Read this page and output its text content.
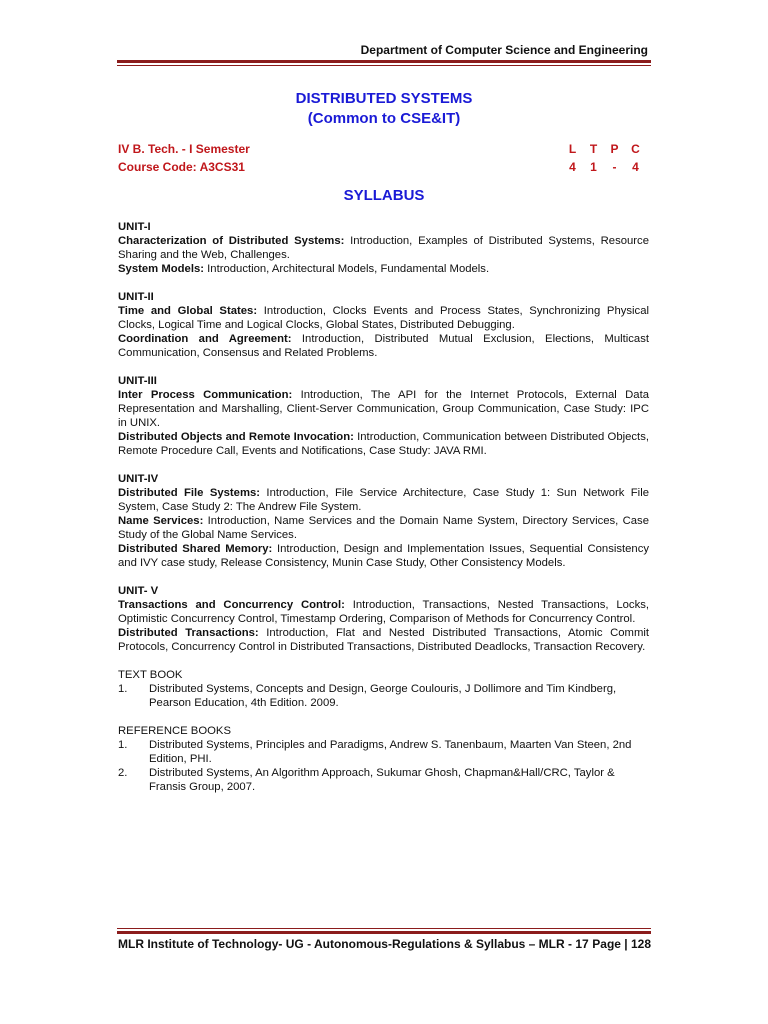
Department of Computer Science and Engineering
DISTRIBUTED SYSTEMS
(Common to CSE&IT)
IV B. Tech. - I Semester
Course Code: A3CS31
L	T	P	C
4	1	-	4
SYLLABUS

UNIT-I

Characterization of Distributed Systems: Introduction, Examples of Distributed Systems, Resource Sharing and the Web, Challenges.

System Models: Introduction, Architectural Models, Fundamental Models.

UNIT-II

Time and Global States: Introduction, Clocks Events and Process States, Synchronizing Physical Clocks, Logical Time and Logical Clocks, Global States, Distributed Debugging.

Coordination and Agreement: Introduction, Distributed Mutual Exclusion, Elections, Multicast Communication, Consensus and Related Problems.

UNIT-III

Inter Process Communication: Introduction, The API for the Internet Protocols, External Data Representation and Marshalling, Client-Server Communication, Group Communication, Case Study: IPC in UNIX.

Distributed Objects and Remote Invocation: Introduction, Communication between Distributed Objects, Remote Procedure Call, Events and Notifications, Case Study: JAVA RMI.

UNIT-IV

Distributed File Systems: Introduction, File Service Architecture, Case Study 1: Sun Network File System, Case Study 2: The Andrew File System.

Name Services: Introduction, Name Services and the Domain Name System, Directory Services, Case Study of the Global Name Services.

Distributed Shared Memory: Introduction, Design and Implementation Issues, Sequential Consistency and IVY case study, Release Consistency, Munin Case Study, Other Consistency Models.

UNIT- V

Transactions and Concurrency Control: Introduction, Transactions, Nested Transactions, Locks, Optimistic Concurrency Control, Timestamp Ordering, Comparison of Methods for Concurrency Control.

Distributed Transactions: Introduction, Flat and Nested Distributed Transactions, Atomic Commit Protocols, Concurrency Control in Distributed Transactions, Distributed Deadlocks, Transaction Recovery.

TEXT BOOK

1.	Distributed Systems, Concepts and Design, George Coulouris, J Dollimore and Tim Kindberg, Pearson Education, 4th Edition. 2009.

REFERENCE BOOKS

1.	Distributed Systems, Principles and Paradigms, Andrew S. Tanenbaum, Maarten Van Steen, 2nd Edition, PHI.
2.	Distributed Systems, An Algorithm Approach, Sukumar Ghosh, Chapman&Hall/CRC, Taylor & Fransis Group, 2007.
MLR Institute of Technology- UG - Autonomous-Regulations & Syllabus – MLR - 17 Page | 128
